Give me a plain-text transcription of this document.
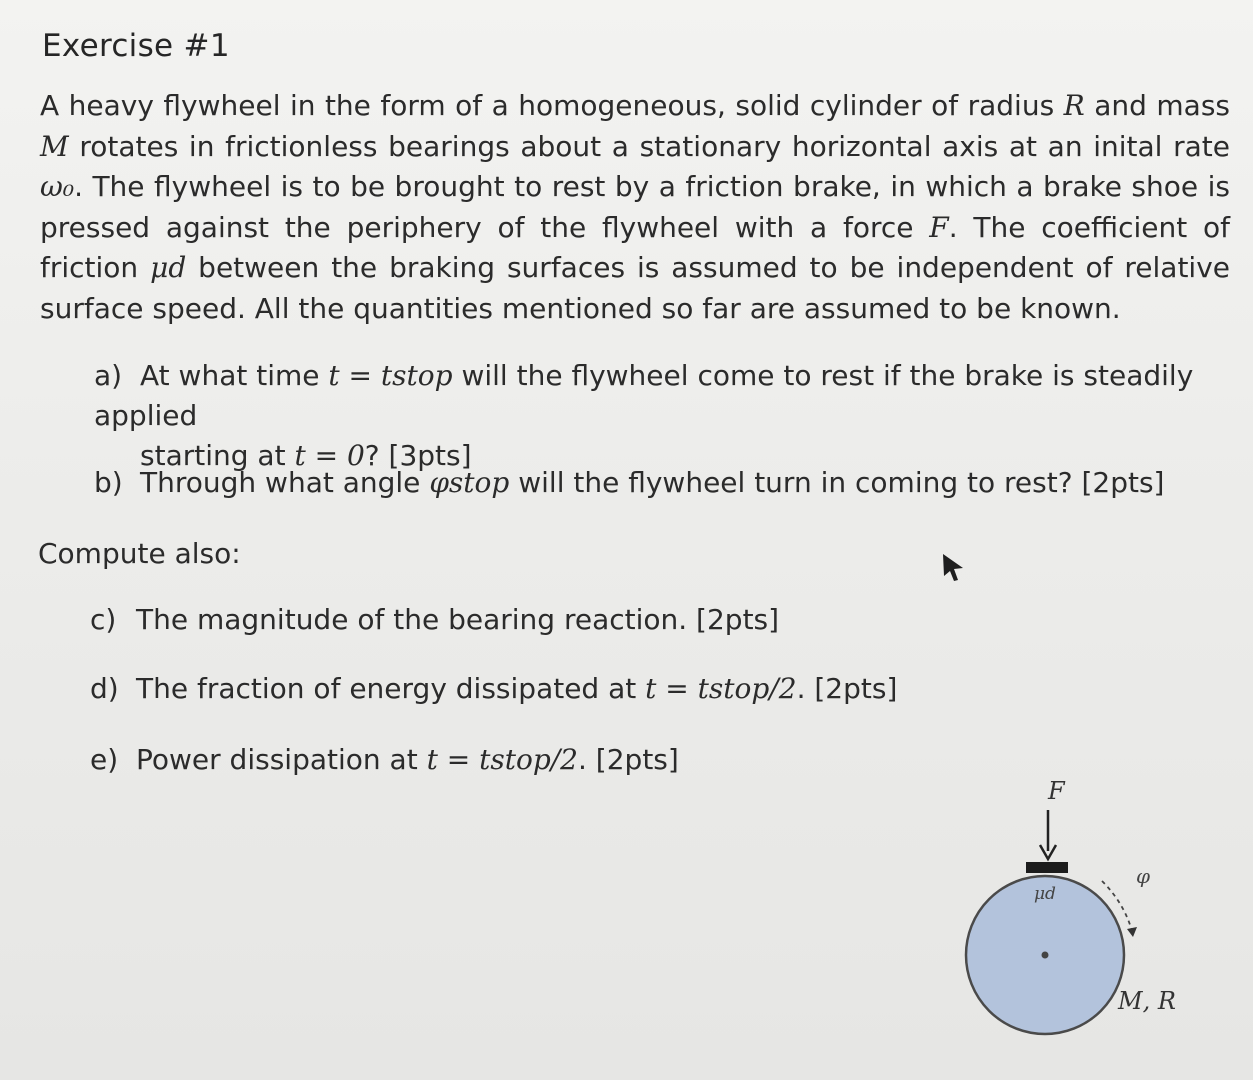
Exercise #1
A heavy flywheel in the form of a homogeneous, solid cylinder of radius R and mass M rotates in frictionless bearings about a stationary horizontal axis at an inital rate ω₀. The flywheel is to be brought to rest by a friction brake, in which a brake shoe is pressed against the periphery of the flywheel with a force F. The coefficient of friction μd between the braking surfaces is assumed to be independent of relative surface speed. All the quantities mentioned so far are assumed to be known.
a) At what time t = tstop will the flywheel come to rest if the brake is steadily applied
starting at t = 0? [3pts]
b) Through what angle φstop will the flywheel turn in coming to rest? [2pts]
Compute also:
c) The magnitude of the bearing reaction. [2pts]
d) The fraction of energy dissipated at t = tstop/2. [2pts]
e) Power dissipation at t = tstop/2. [2pts]
F
μd
φ
M, R
